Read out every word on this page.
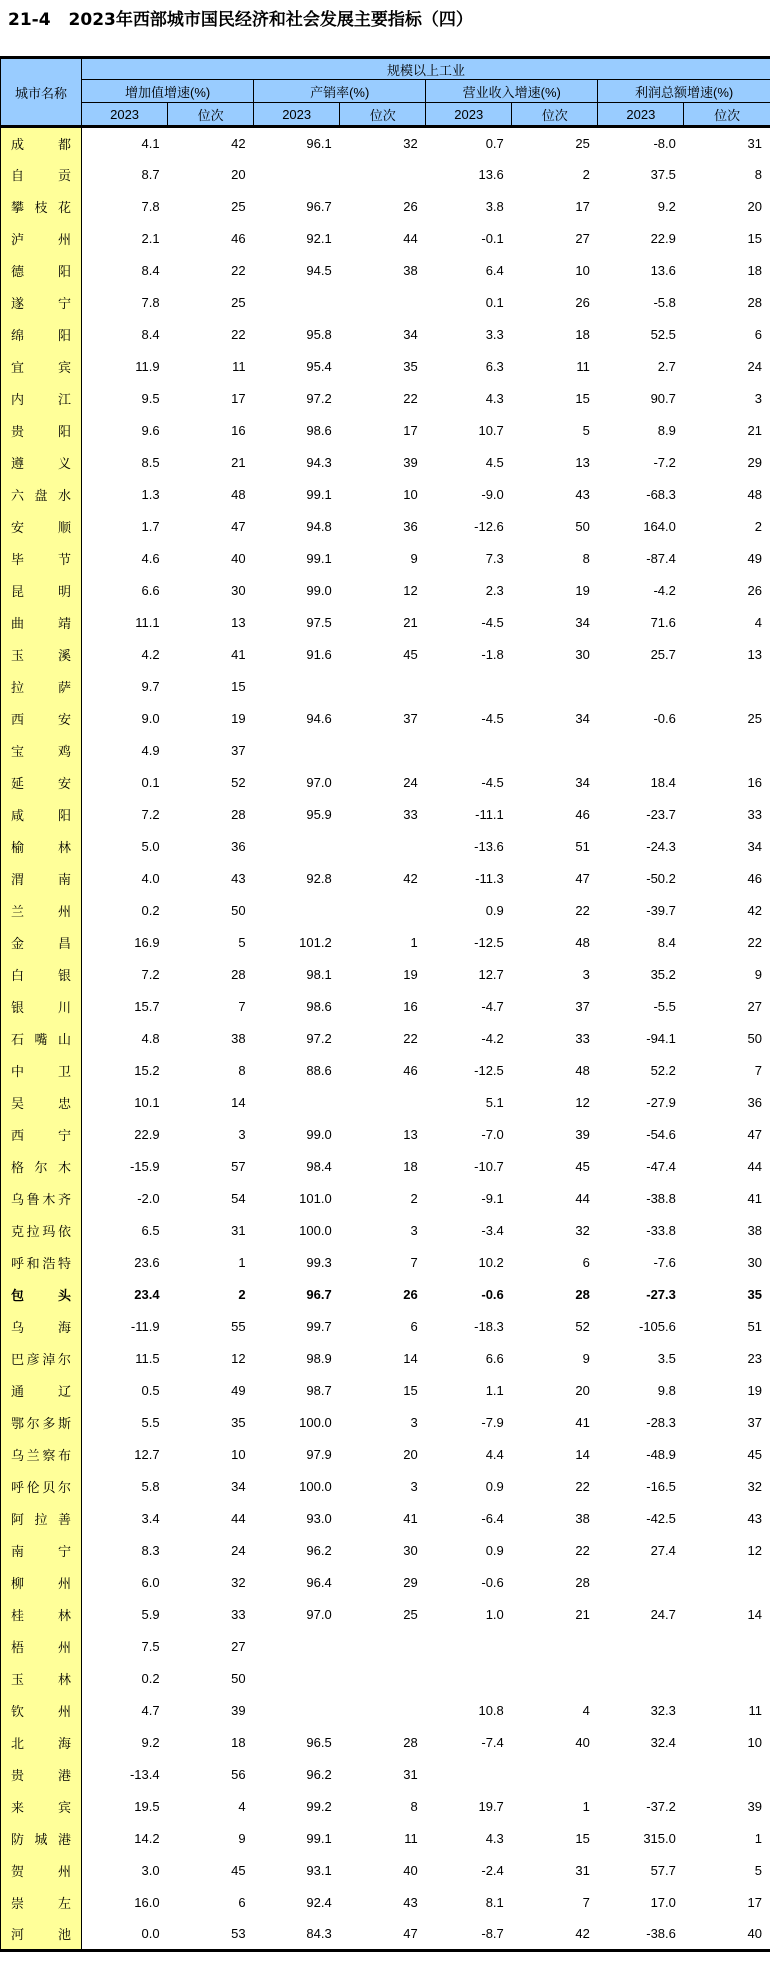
21-4 2023年西部城市国民经济和社会发展主要指标（四）
城市名称	规模以上工业							
	增加值增速(%)		产销率(%)		营业收入增速(%)		利润总额增速(%)	
	2023	位次	2023	位次	2023	位次	2023	位次
成都	4.1	42	96.1	32	0.7	25	-8.0	31
自贡	8.7	20			13.6	2	37.5	8
攀枝花	7.8	25	96.7	26	3.8	17	9.2	20
泸州	2.1	46	92.1	44	-0.1	27	22.9	15
德阳	8.4	22	94.5	38	6.4	10	13.6	18
遂宁	7.8	25			0.1	26	-5.8	28
绵阳	8.4	22	95.8	34	3.3	18	52.5	6
宜宾	11.9	11	95.4	35	6.3	11	2.7	24
内江	9.5	17	97.2	22	4.3	15	90.7	3
贵阳	9.6	16	98.6	17	10.7	5	8.9	21
遵义	8.5	21	94.3	39	4.5	13	-7.2	29
六盘水	1.3	48	99.1	10	-9.0	43	-68.3	48
安顺	1.7	47	94.8	36	-12.6	50	164.0	2
毕节	4.6	40	99.1	9	7.3	8	-87.4	49
昆明	6.6	30	99.0	12	2.3	19	-4.2	26
曲靖	11.1	13	97.5	21	-4.5	34	71.6	4
玉溪	4.2	41	91.6	45	-1.8	30	25.7	13
拉萨	9.7	15						
西安	9.0	19	94.6	37	-4.5	34	-0.6	25
宝鸡	4.9	37						
延安	0.1	52	97.0	24	-4.5	34	18.4	16
咸阳	7.2	28	95.9	33	-11.1	46	-23.7	33
榆林	5.0	36			-13.6	51	-24.3	34
渭南	4.0	43	92.8	42	-11.3	47	-50.2	46
兰州	0.2	50			0.9	22	-39.7	42
金昌	16.9	5	101.2	1	-12.5	48	8.4	22
白银	7.2	28	98.1	19	12.7	3	35.2	9
银川	15.7	7	98.6	16	-4.7	37	-5.5	27
石嘴山	4.8	38	97.2	22	-4.2	33	-94.1	50
中卫	15.2	8	88.6	46	-12.5	48	52.2	7
吴忠	10.1	14			5.1	12	-27.9	36
西宁	22.9	3	99.0	13	-7.0	39	-54.6	47
格尔木	-15.9	57	98.4	18	-10.7	45	-47.4	44
乌鲁木齐	-2.0	54	101.0	2	-9.1	44	-38.8	41
克拉玛依	6.5	31	100.0	3	-3.4	32	-33.8	38
呼和浩特	23.6	1	99.3	7	10.2	6	-7.6	30
包头	23.4	2	96.7	26	-0.6	28	-27.3	35
乌海	-11.9	55	99.7	6	-18.3	52	-105.6	51
巴彦淖尔	11.5	12	98.9	14	6.6	9	3.5	23
通辽	0.5	49	98.7	15	1.1	20	9.8	19
鄂尔多斯	5.5	35	100.0	3	-7.9	41	-28.3	37
乌兰察布	12.7	10	97.9	20	4.4	14	-48.9	45
呼伦贝尔	5.8	34	100.0	3	0.9	22	-16.5	32
阿拉善	3.4	44	93.0	41	-6.4	38	-42.5	43
南宁	8.3	24	96.2	30	0.9	22	27.4	12
柳州	6.0	32	96.4	29	-0.6	28		
桂林	5.9	33	97.0	25	1.0	21	24.7	14
梧州	7.5	27						
玉林	0.2	50						
钦州	4.7	39			10.8	4	32.3	11
北海	9.2	18	96.5	28	-7.4	40	32.4	10
贵港	-13.4	56	96.2	31				
来宾	19.5	4	99.2	8	19.7	1	-37.2	39
防城港	14.2	9	99.1	11	4.3	15	315.0	1
贺州	3.0	45	93.1	40	-2.4	31	57.7	5
崇左	16.0	6	92.4	43	8.1	7	17.0	17
河池	0.0	53	84.3	47	-8.7	42	-38.6	40
